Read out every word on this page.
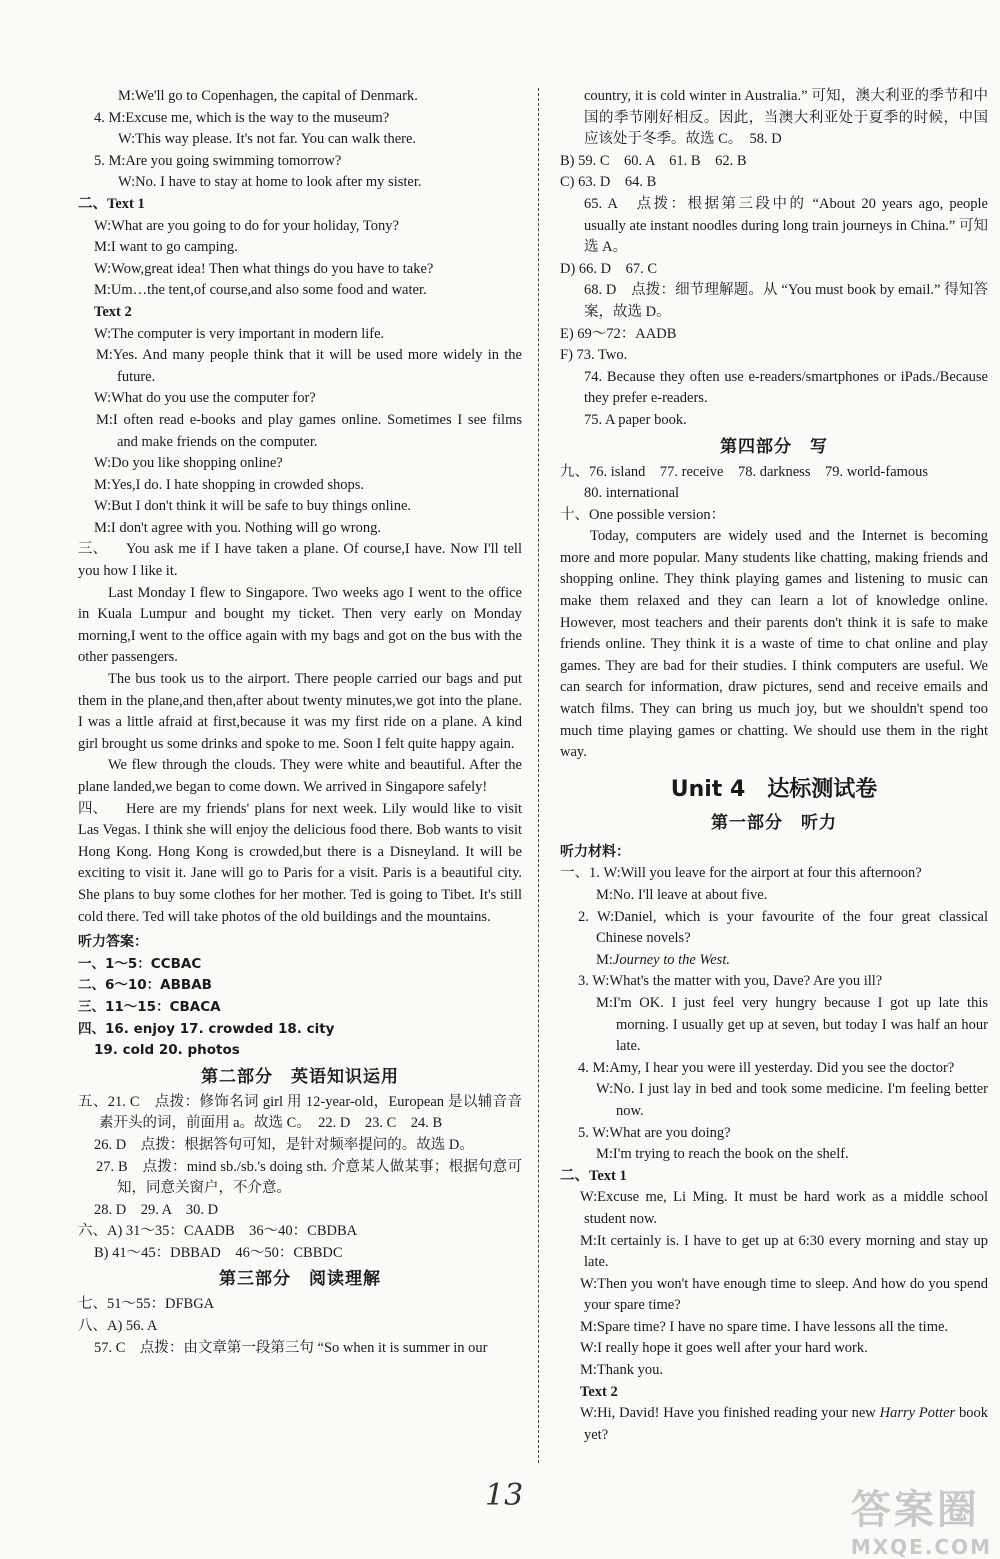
M:We'll go to Copenhagen, the capital of Denmark.
4. M:Excuse me, which is the way to the museum?
W:This way please. It's not far. You can walk there.
5. M:Are you going swimming tomorrow?
W:No. I have to stay at home to look after my sister.
二、Text 1
W:What are you going to do for your holiday, Tony?
M:I want to go camping.
W:Wow,great idea! Then what things do you have to take?
M:Um…the tent,of course,and also some food and water.
Text 2
W:The computer is very important in modern life.
M:Yes. And many people think that it will be used more widely in the future.
W:What do you use the computer for?
M:I often read e-books and play games online. Sometimes I see films and make friends on the computer.
W:Do you like shopping online?
M:Yes,I do. I hate shopping in crowded shops.
W:But I don't think it will be safe to buy things online.
M:I don't agree with you. Nothing will go wrong.
三、 You ask me if I have taken a plane. Of course,I have. Now I'll tell you how I like it.
Last Monday I flew to Singapore. Two weeks ago I went to the office in Kuala Lumpur and bought my ticket. Then very early on Monday morning,I went to the office again with my bags and got on the bus with the other passengers.
The bus took us to the airport. There people carried our bags and put them in the plane,and then,after about twenty minutes,we got into the plane. I was a little afraid at first,because it was my first ride on a plane. A kind girl brought us some drinks and spoke to me. Soon I felt quite happy again.
We flew through the clouds. They were white and beautiful. After the plane landed,we began to come down. We arrived in Singapore safely!
四、 Here are my friends' plans for next week. Lily would like to visit Las Vegas. I think she will enjoy the delicious food there. Bob wants to visit Hong Kong. Hong Kong is crowded,but there is a Disneyland. It will be exciting to visit it. Jane will go to Paris for a visit. Paris is a beautiful city. She plans to buy some clothes for her mother. Ted is going to Tibet. It's still cold there. Ted will take photos of the old buildings and the mountains.
听力答案：
一、1～5：CCBAC
二、6～10：ABBAB
三、11～15：CBACA
四、16. enjoy 17. crowded 18. city
19. cold 20. photos
第二部分　英语知识运用
五、21. C　点拨：修饰名词 girl 用 12-year-old，European 是以辅音音素开头的词，前面用 a。故选 C。　22. D　23. C　24. B
26. D　点拨：根据答句可知，是针对频率提问的。故选 D。
27. B　点拨：mind sb./sb.'s doing sth. 介意某人做某事；根据句意可知，同意关窗户，不介意。
28. D　29. A　30. D
六、A) 31～35：CAADB　36～40：CBDBA
B) 41～45：DBBAD　46～50：CBBDC
第三部分　阅读理解
七、51～55：DFBGA
八、A) 56. A
57. C　点拨：由文章第一段第三句 “So when it is summer in our
country, it is cold winter in Australia.” 可知，澳大利亚的季节和中国的季节刚好相反。因此，当澳大利亚处于夏季的时候，中国应该处于冬季。故选 C。　58. D
B) 59. C　60. A　61. B　62. B
C) 63. D　64. B
65. A　点拨：根据第三段中的 “About 20 years ago, people usually ate instant noodles during long train journeys in China.” 可知选 A。
D) 66. D　67. C
68. D　点拨：细节理解题。从 “You must book by email.” 得知答案，故选 D。
E) 69～72：AADB
F) 73. Two.
74. Because they often use e-readers/smartphones or iPads./Because they prefer e-readers.
75. A paper book.
第四部分　写
九、76. island　77. receive　78. darkness　79. world-famous
80. international
十、One possible version：
Today, computers are widely used and the Internet is becoming more and more popular. Many students like chatting, making friends and shopping online. They think playing games and listening to music can make them relaxed and they can learn a lot of knowledge online. However, most teachers and their parents don't think it is safe to make friends online. They think it is a waste of time to chat online and play games. They are bad for their studies. I think computers are useful. We can search for information, draw pictures, send and receive emails and watch films. They can bring us much joy, but we shouldn't spend too much time playing games or chatting. We should use them in the right way.
Unit 4　达标测试卷
第一部分　听力
听力材料：
一、1. W:Will you leave for the airport at four this afternoon?
M:No. I'll leave at about five.
2. W:Daniel, which is your favourite of the four great classical Chinese novels?
M:Journey to the West.
3. W:What's the matter with you, Dave? Are you ill?
M:I'm OK. I just feel very hungry because I got up late this morning. I usually get up at seven, but today I was half an hour late.
4. M:Amy, I hear you were ill yesterday. Did you see the doctor?
W:No. I just lay in bed and took some medicine. I'm feeling better now.
5. W:What are you doing?
M:I'm trying to reach the book on the shelf.
二、Text 1
W:Excuse me, Li Ming. It must be hard work as a middle school student now.
M:It certainly is. I have to get up at 6:30 every morning and stay up late.
W:Then you won't have enough time to sleep. And how do you spend your spare time?
M:Spare time? I have no spare time. I have lessons all the time.
W:I really hope it goes well after your hard work.
M:Thank you.
Text 2
W:Hi, David! Have you finished reading your new Harry Potter book yet?
13	答案圈
MXQE.COM
